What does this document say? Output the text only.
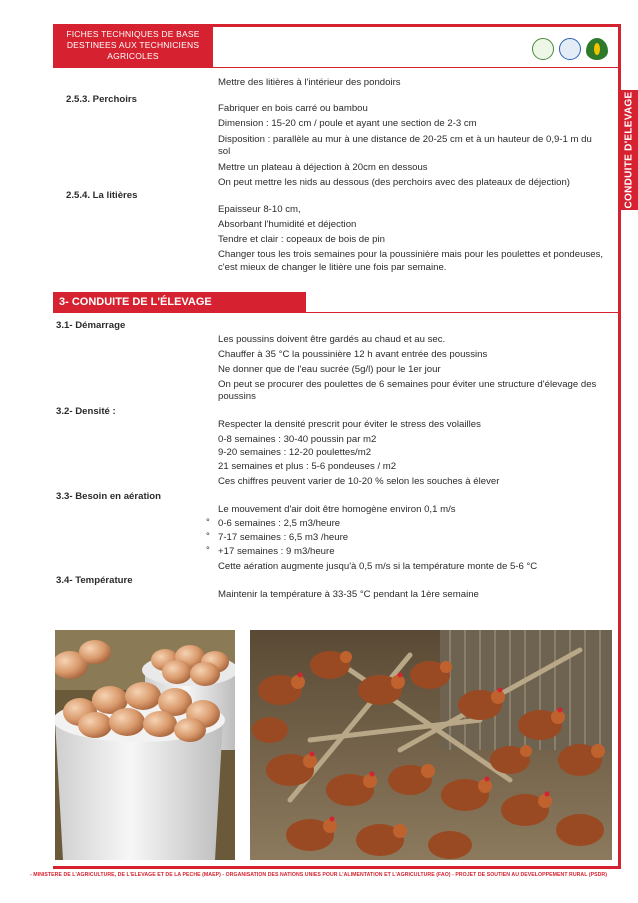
FICHES TECHNIQUES DE BASE
DESTINEES AUX TECHNICIENS
AGRICOLES
CONDUITE D'ELEVAGE
Mettre des litières à l'intérieur des pondoirs
2.5.3. Perchoirs
Fabriquer en bois carré ou bambou
Dimension : 15-20 cm / poule et ayant une section de 2-3 cm
Disposition : parallèle au mur à une distance de 20-25 cm et à un hauteur de 0,9-1 m du
sol
Mettre un plateau à déjection à 20cm en dessous
On peut mettre les nids au dessous (des perchoirs avec des plateaux de déjection)
2.5.4. La litières
Epaisseur 8-10 cm,
Absorbant l'humidité et déjection
Tendre et clair : copeaux de bois de pin
Changer tous les trois semaines pour la poussinière mais pour les poulettes et pondeuses,
c'est mieux de changer le litière une fois par semaine.
3- CONDUITE DE L'ÉLEVAGE
3.1- Démarrage
Les poussins doivent être gardés au chaud et au sec.
Chauffer à 35 °C la poussinière 12 h avant entrée des poussins
Ne donner que de l'eau sucrée (5g/l) pour le 1er jour
On peut se procurer des poulettes de 6 semaines pour éviter une structure d'élevage des
poussins
3.2- Densité :
Respecter la densité prescrit pour éviter le stress des volailles
0-8 semaines : 30-40 poussin par m2
9-20 semaines : 12-20 poulettes/m2
21 semaines et plus : 5-6 pondeuses / m2
Ces chiffres peuvent varier de 10-20 % selon les souches à élever
3.3- Besoin en aération
Le mouvement d'air doit être homogène environ 0,1 m/s
° 0-6 semaines : 2,5 m3/heure
° 7-17 semaines : 6,5 m3 /heure
° +17 semaines : 9 m3/heure
Cette aération augmente jusqu'à 0,5 m/s si la température monte de 5-6 °C
3.4- Température
Maintenir la température à 33-35 °C pendant la 1ère semaine
- MINISTERE DE L'AGRICULTURE, DE L'ELEVAGE ET DE LA PECHE (MAEP) - ORGANISATION DES NATIONS UNIES POUR L'ALIMENTATION ET L'AGRICULTURE (FAO) - PROJET DE SOUTIEN AU DEVELOPPEMENT RURAL (PSDR)
